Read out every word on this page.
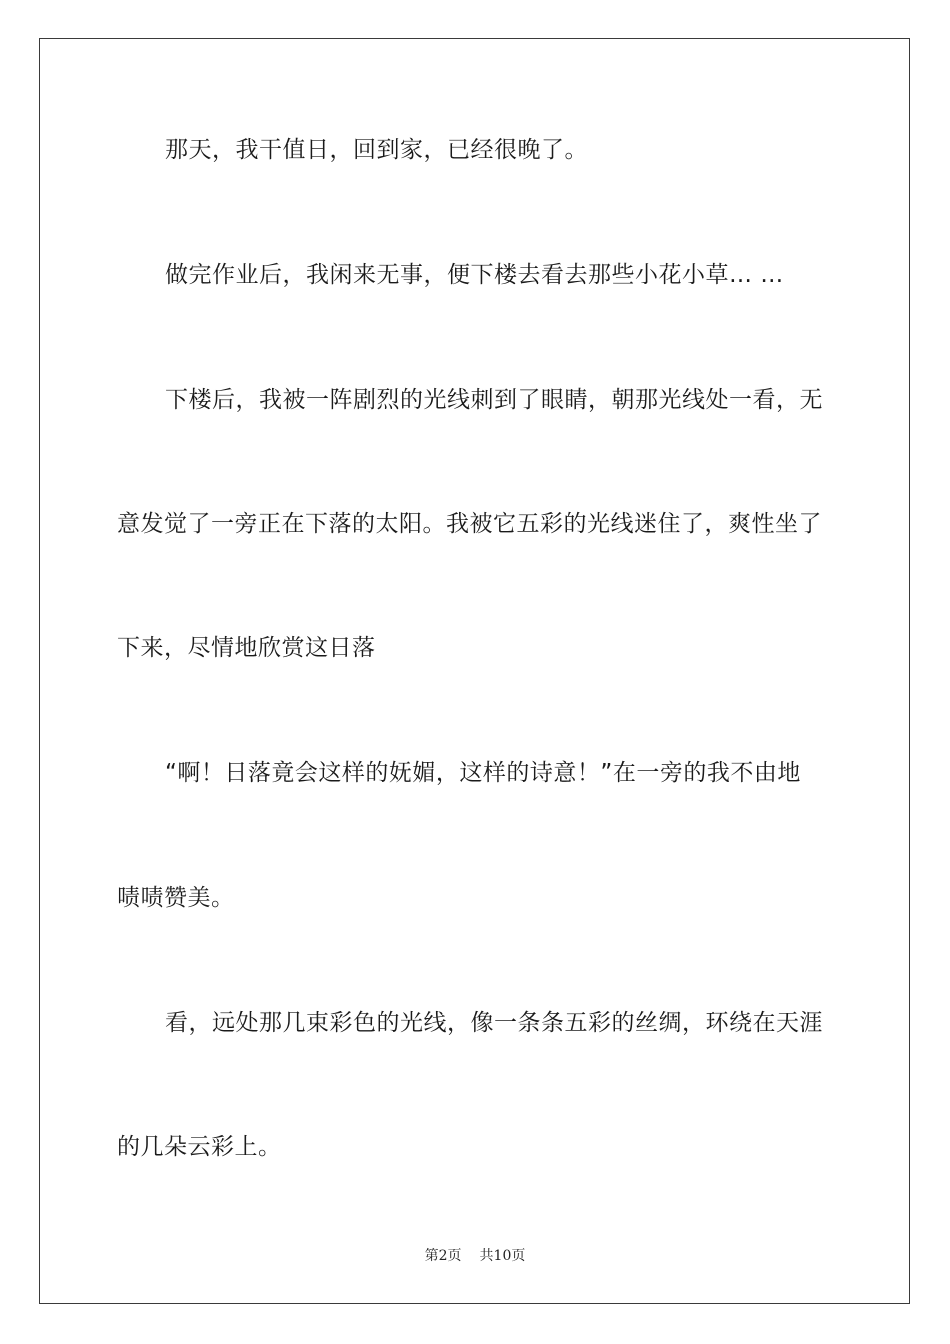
那天，我干值日，回到家，已经很晚了。
做完作业后，我闲来无事，便下楼去看去那些小花小草… …
下楼后，我被一阵剧烈的光线刺到了眼睛，朝那光线处一看，无
意发觉了一旁正在下落的太阳。我被它五彩的光线迷住了，爽性坐了
下来，尽情地欣赏这日落
“啊！日落竟会这样的妩媚，这样的诗意！”在一旁的我不由地
啧啧赞美。
看，远处那几束彩色的光线，像一条条五彩的丝绸，环绕在天涯
的几朵云彩上。
第2页 共10页
